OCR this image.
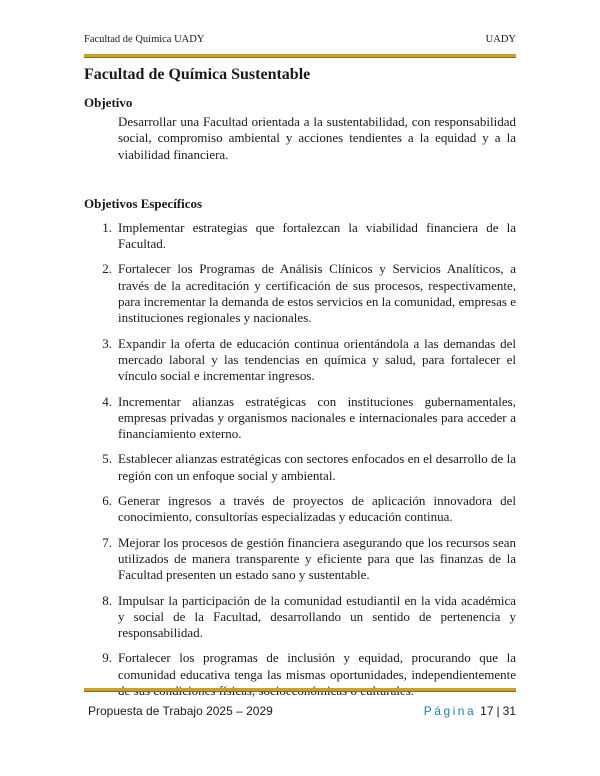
Facultad de Química UADY	UADY
Facultad de Química Sustentable
Objetivo

Desarrollar una Facultad orientada a la sustentabilidad, con responsabilidad social, compromiso ambiental y acciones tendientes a la equidad y a la viabilidad financiera.

Objetivos Específicos
1. Implementar estrategias que fortalezcan la viabilidad financiera de la Facultad.
2. Fortalecer los Programas de Análisis Clínicos y Servicios Analíticos, a través de la acreditación y certificación de sus procesos, respectivamente, para incrementar la demanda de estos servicios en la comunidad, empresas e instituciones regionales y nacionales.
3. Expandir la oferta de educación continua orientándola a las demandas del mercado laboral y las tendencias en química y salud, para fortalecer el vínculo social e incrementar ingresos.
4. Incrementar alianzas estratégicas con instituciones gubernamentales, empresas privadas y organismos nacionales e internacionales para acceder a financiamiento externo.
5. Establecer alianzas estratégicas con sectores enfocados en el desarrollo de la región con un enfoque social y ambiental.
6. Generar ingresos a través de proyectos de aplicación innovadora del conocimiento, consultorías especializadas y educación continua.
7. Mejorar los procesos de gestión financiera asegurando que los recursos sean utilizados de manera transparente y eficiente para que las finanzas de la Facultad presenten un estado sano y sustentable.
8. Impulsar la participación de la comunidad estudiantil en la vida académica y social de la Facultad, desarrollando un sentido de pertenencia y responsabilidad.
9. Fortalecer los programas de inclusión y equidad, procurando que la comunidad educativa tenga las mismas oportunidades, independientemente
Propuesta de Trabajo 2025 – 2029	Página 17 | 31
